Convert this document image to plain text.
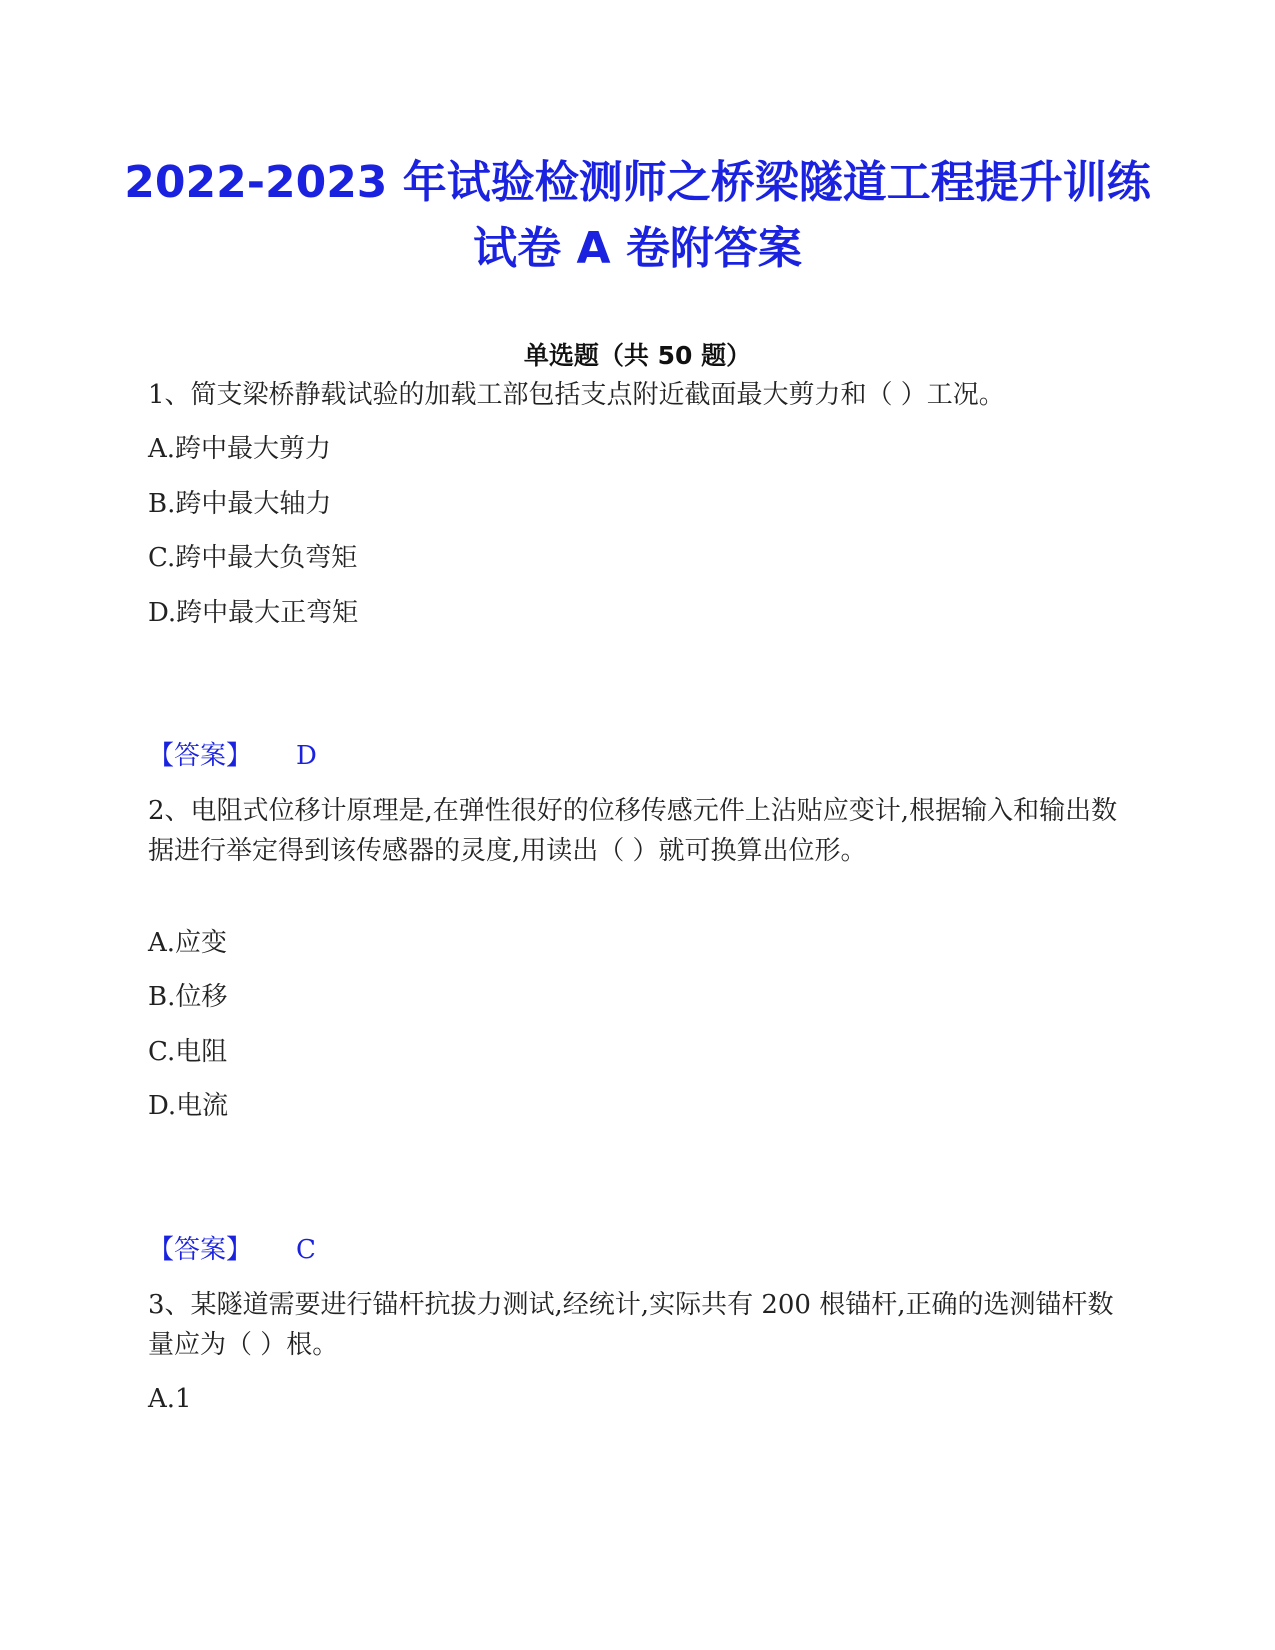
2022-2023 年试验检测师之桥梁隧道工程提升训练试卷 A 卷附答案
单选题（共 50 题）
1、简支梁桥静载试验的加载工部包括支点附近截面最大剪力和（ ）工况。
A.跨中最大剪力
B.跨中最大轴力
C.跨中最大负弯矩
D.跨中最大正弯矩
【答案】 D
2、电阻式位移计原理是,在弹性很好的位移传感元件上沾贴应变计,根据输入和输出数据进行举定得到该传感器的灵度,用读出（ ）就可换算出位形。
A.应变
B.位移
C.电阻
D.电流
【答案】 C
3、某隧道需要进行锚杆抗拔力测试,经统计,实际共有 200 根锚杆,正确的选测锚杆数量应为（ ）根。
A.1
